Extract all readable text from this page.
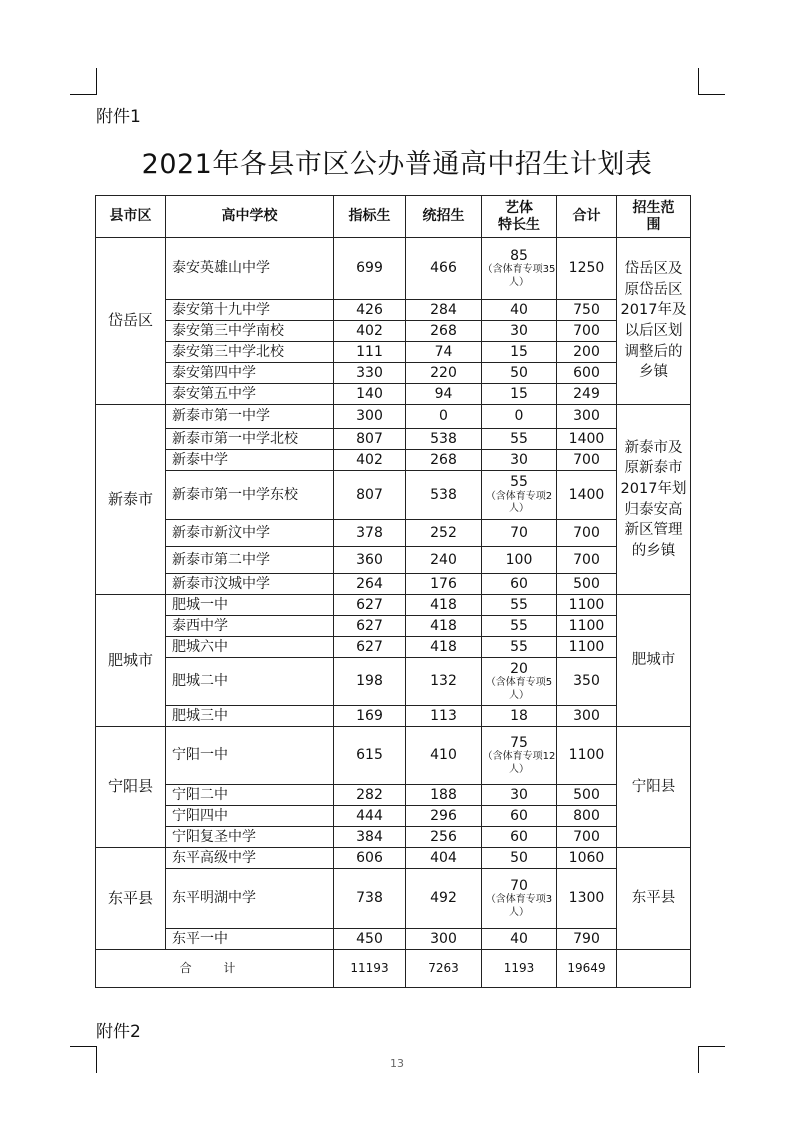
附件1
2021年各县市区公办普通高中招生计划表
县市区	高中学校	指标生	统招生	艺体
特长生	合计	招生范
围
岱岳区	泰安英雄山中学	699	466	85
（含体育专项35人）	1250	岱岳区及原岱岳区2017年及以后区划调整后的乡镇
	泰安第十九中学	426	284	40	750	
	泰安第三中学南校	402	268	30	700	
	泰安第三中学北校	111	74	15	200	
	泰安第四中学	330	220	50	600	
	泰安第五中学	140	94	15	249	
新泰市	新泰市第一中学	300	0	0	300	新泰市及原新泰市2017年划归泰安高新区管理的乡镇
	新泰市第一中学北校	807	538	55	1400	
	新泰中学	402	268	30	700	
	新泰市第一中学东校	807	538	55
（含体育专项2人）	1400	
	新泰市新汶中学	378	252	70	700	
	新泰市第二中学	360	240	100	700	
	新泰市汶城中学	264	176	60	500	
肥城市	肥城一中	627	418	55	1100	肥城市
	泰西中学	627	418	55	1100	
	肥城六中	627	418	55	1100	
	肥城二中	198	132	20
（含体育专项5人）	350	
	肥城三中	169	113	18	300	
宁阳县	宁阳一中	615	410	75
（含体育专项12人）	1100	宁阳县
	宁阳二中	282	188	30	500	
	宁阳四中	444	296	60	800	
	宁阳复圣中学	384	256	60	700	
东平县	东平高级中学	606	404	50	1060	东平县
	东平明湖中学	738	492	70
（含体育专项3人）	1300	
	东平一中	450	300	40	790	
合 计		11193	7263	1193	19649	
附件2
13
